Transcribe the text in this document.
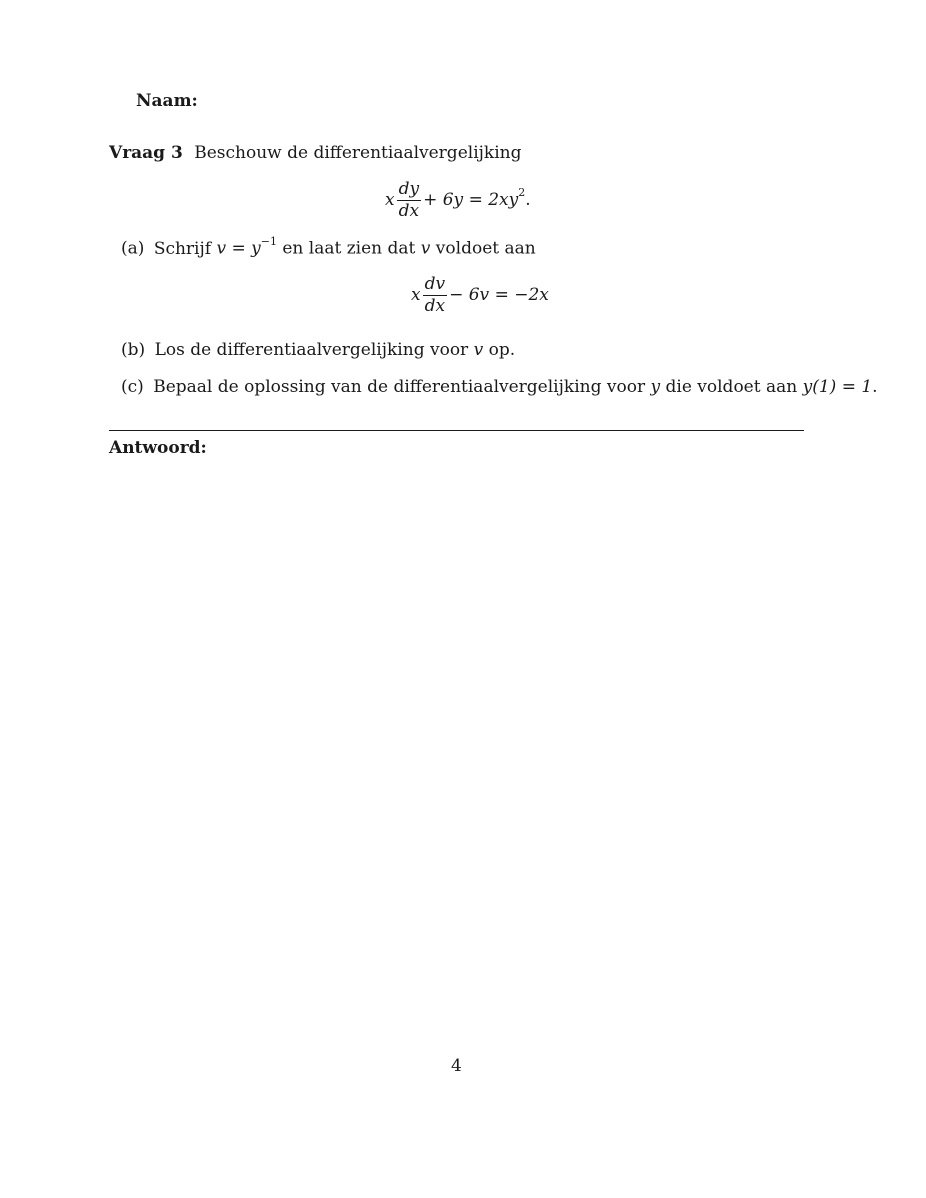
Naam:
Vraag 3 Beschouw de differentiaalvergelijking
x $\frac{dy}{dx} + 6y = 2xy^2$.
(a) Schrijf $v = y^{-1}$ en laat zien dat v voldoet aan
x $\frac{dv}{dx} - 6v = -2x$
(b) Los de differentiaalvergelijking voor v op.
(c) Bepaal de oplossing van de differentiaalvergelijking voor y die voldoet aan y(1) = 1.
Antwoord:
4
